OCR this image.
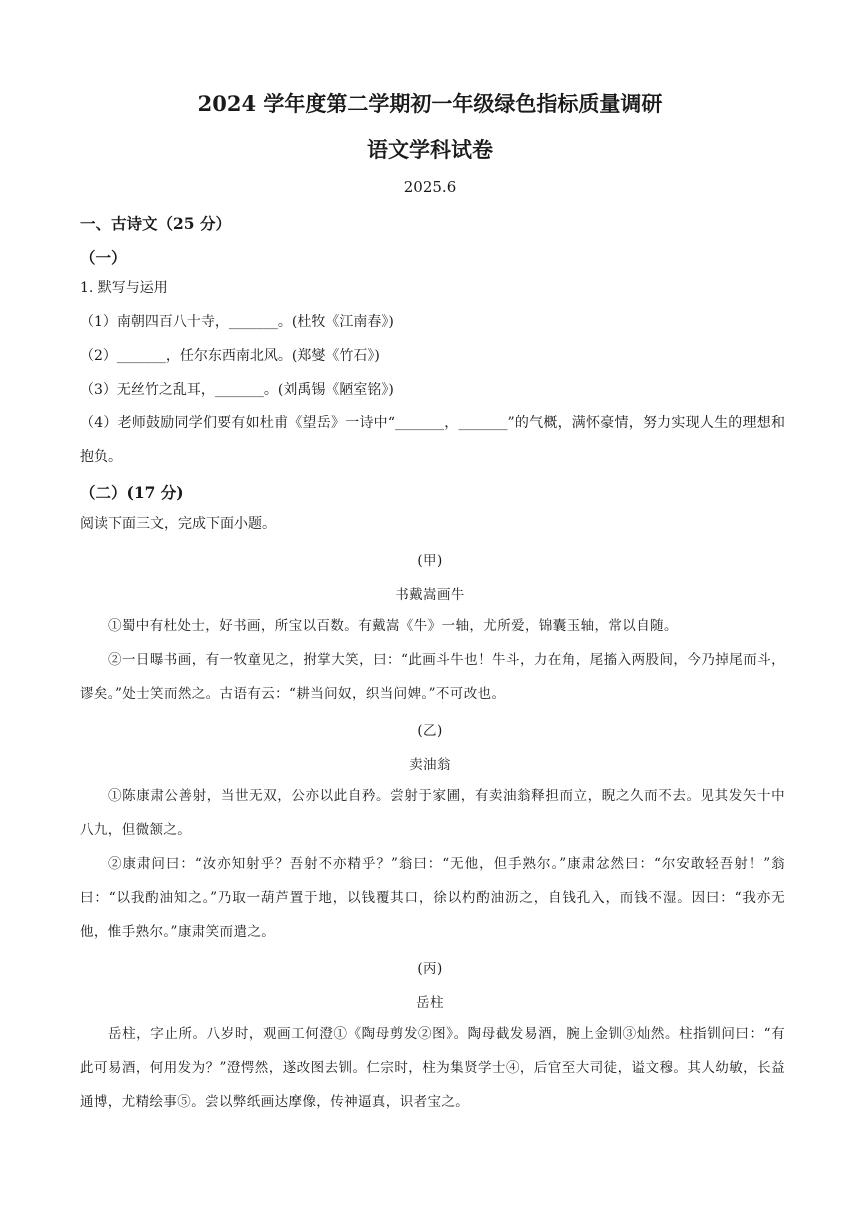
2024 学年度第二学期初一年级绿色指标质量调研
语文学科试卷
2025.6
一、古诗文（25 分）
（一）
1. 默写与运用
（1）南朝四百八十寺，_______。(杜牧《江南春》)
（2）_______，任尔东西南北风。(郑燮《竹石》)
（3）无丝竹之乱耳，_______。(刘禹锡《陋室铭》)
（4）老师鼓励同学们要有如杜甫《望岳》一诗中“_______，_______”的气概，满怀豪情，努力实现人生的理想和抱负。
（二）(17 分)
阅读下面三文，完成下面小题。
(甲)
书戴嵩画牛
①蜀中有杜处士，好书画，所宝以百数。有戴嵩《牛》一轴，尤所爱，锦囊玉轴，常以自随。
②一日曝书画，有一牧童见之，拊掌大笑，曰：“此画斗牛也！牛斗，力在角，尾搐入两股间，今乃掉尾而斗，谬矣。”处士笑而然之。古语有云：“耕当问奴，织当问婢。”不可改也。
(乙)
卖油翁
①陈康肃公善射，当世无双，公亦以此自矜。尝射于家圃，有卖油翁释担而立，睨之久而不去。见其发矢十中八九，但微颔之。
②康肃问曰：“汝亦知射乎？吾射不亦精乎？”翁曰：“无他，但手熟尔。”康肃忿然曰：“尔安敢轻吾射！”翁曰：“以我酌油知之。”乃取一葫芦置于地，以钱覆其口，徐以杓酌油沥之，自钱孔入，而钱不湿。因曰：“我亦无他，惟手熟尔。”康肃笑而遣之。
(丙)
岳柱
岳柱，字止所。八岁时，观画工何澄①《陶母剪发②图》。陶母截发易酒，腕上金钏③灿然。柱指钏问曰：“有此可易酒，何用发为？”澄愕然，遂改图去钏。仁宗时，柱为集贤学士④，后官至大司徒，谥文穆。其人幼敏，长益通博，尤精绘事⑤。尝以弊纸画达摩像，传神逼真，识者宝之。
